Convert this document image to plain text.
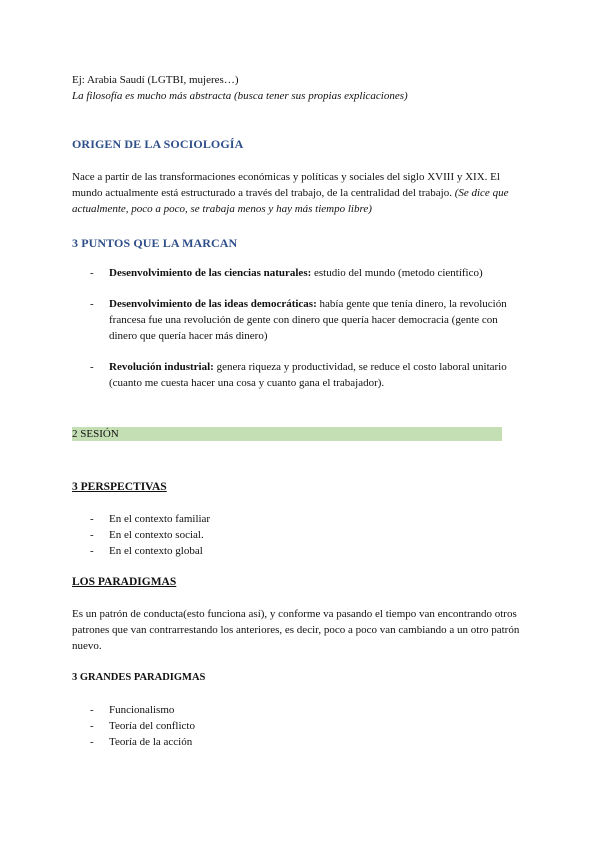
Ej: Arabia Saudí (LGTBI, mujeres…)
La filosofía es mucho más abstracta (busca tener sus propias explicaciones)
ORIGEN DE LA SOCIOLOGÍA
Nace a partir de las transformaciones económicas y políticas y sociales del siglo XVIII y XIX. El mundo actualmente está estructurado a través del trabajo, de la centralidad del trabajo. (Se dice que actualmente, poco a poco, se trabaja menos y hay más tiempo libre)
3 PUNTOS QUE LA MARCAN
- Desenvolvimiento de las ciencias naturales: estudio del mundo (metodo científico)
- Desenvolvimiento de las ideas democráticas: había gente que tenía dinero, la revolución francesa fue una revolución de gente con dinero que quería hacer democracia (gente con dinero que quería hacer más dinero)
- Revolución industrial: genera riqueza y productividad, se reduce el costo laboral unitario (cuanto me cuesta hacer una cosa y cuanto gana el trabajador).
2 SESIÓN
3 PERSPECTIVAS
- En el contexto familiar
- En el contexto social.
- En el contexto global
LOS PARADIGMAS
Es un patrón de conducta(esto funciona así), y conforme va pasando el tiempo van encontrando otros patrones que van contrarrestando los anteriores, es decir, poco a poco van cambiando a un otro patrón nuevo.
3 GRANDES PARADIGMAS
- Funcionalismo
- Teoría del conflicto
- Teoría de la acción
